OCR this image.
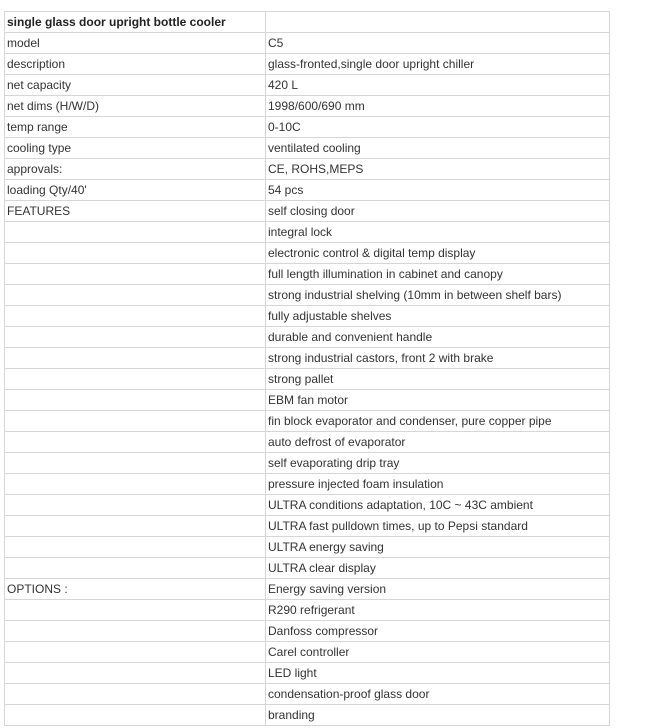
single glass door upright bottle cooler	
model	C5
description	glass-fronted,single door upright chiller
net capacity	420 L
net dims (H/W/D)	1998/600/690 mm
temp range	0-10C
cooling type	ventilated cooling
approvals:	CE, ROHS,MEPS
loading Qty/40'	54 pcs
FEATURES	self closing door
	integral lock
	electronic control & digital temp display
	full length illumination in cabinet and canopy
	strong industrial shelving (10mm in between shelf bars)
	fully adjustable shelves
	durable and convenient handle
	strong industrial castors, front 2 with brake
	strong pallet
	EBM fan motor
	fin block evaporator and condenser, pure copper pipe
	auto defrost of evaporator
	self evaporating drip tray
	pressure injected foam insulation
	ULTRA conditions adaptation, 10C ~ 43C ambient
	ULTRA fast pulldown times, up to Pepsi standard
	ULTRA energy saving
	ULTRA clear display
OPTIONS :	Energy saving version
	R290 refrigerant
	Danfoss compressor
	Carel controller
	LED light
	condensation-proof glass door
	branding
